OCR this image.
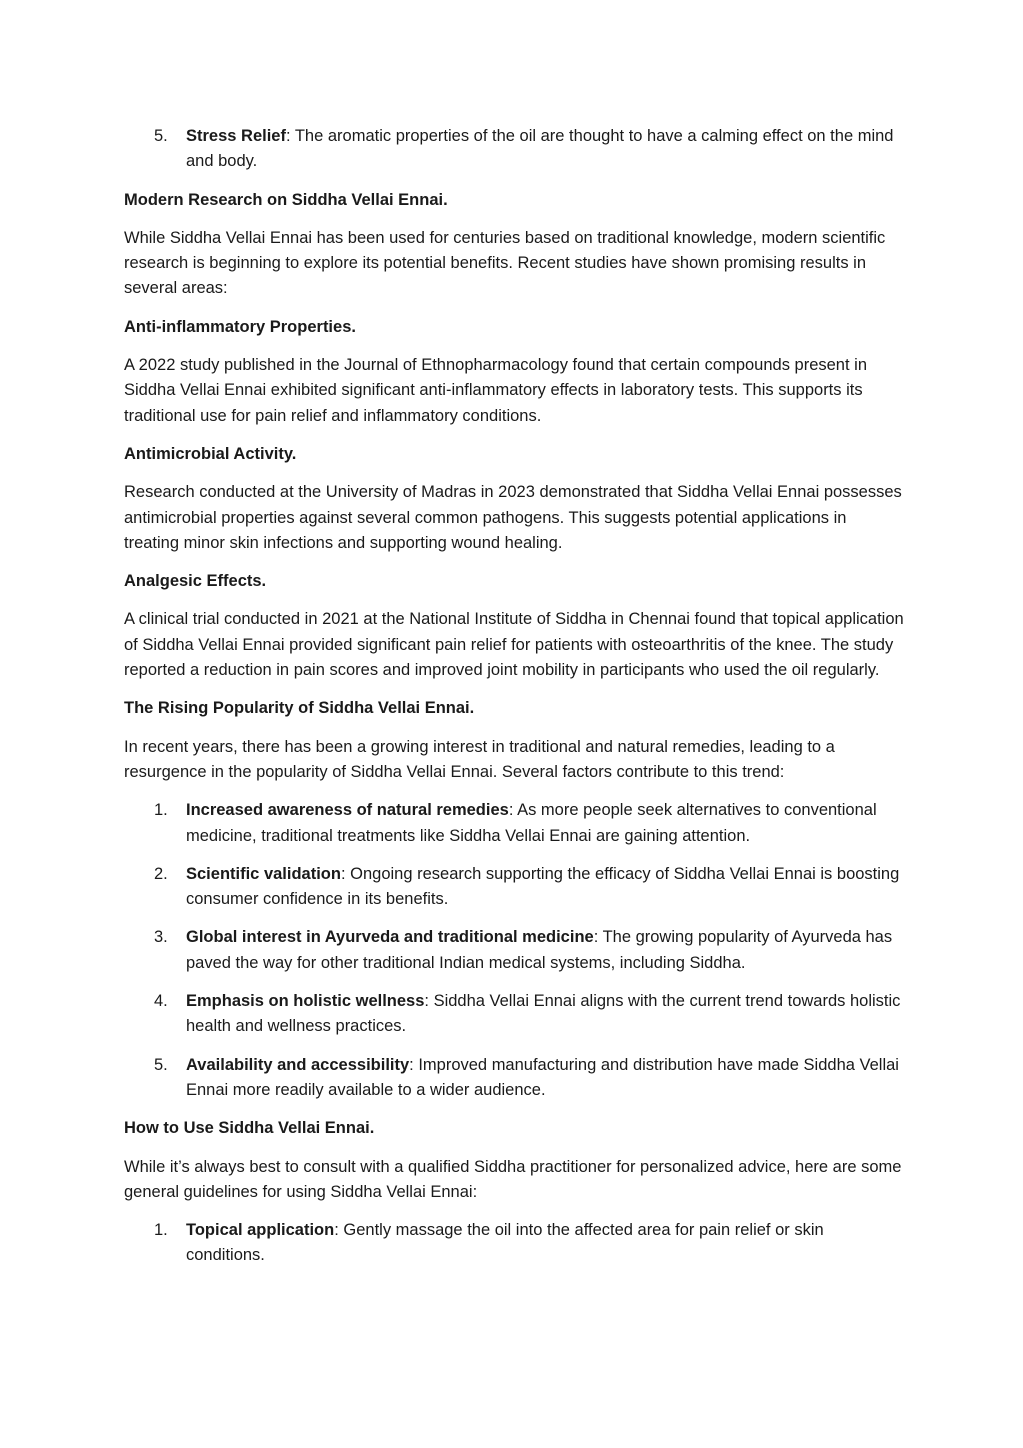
5.	Stress Relief: The aromatic properties of the oil are thought to have a calming effect on the mind and body.
Modern Research on Siddha Vellai Ennai.
While Siddha Vellai Ennai has been used for centuries based on traditional knowledge, modern scientific research is beginning to explore its potential benefits. Recent studies have shown promising results in several areas:
Anti-inflammatory Properties.
A 2022 study published in the Journal of Ethnopharmacology found that certain compounds present in Siddha Vellai Ennai exhibited significant anti-inflammatory effects in laboratory tests. This supports its traditional use for pain relief and inflammatory conditions.
Antimicrobial Activity.
Research conducted at the University of Madras in 2023 demonstrated that Siddha Vellai Ennai possesses antimicrobial properties against several common pathogens. This suggests potential applications in treating minor skin infections and supporting wound healing.
Analgesic Effects.
A clinical trial conducted in 2021 at the National Institute of Siddha in Chennai found that topical application of Siddha Vellai Ennai provided significant pain relief for patients with osteoarthritis of the knee. The study reported a reduction in pain scores and improved joint mobility in participants who used the oil regularly.
The Rising Popularity of Siddha Vellai Ennai.
In recent years, there has been a growing interest in traditional and natural remedies, leading to a resurgence in the popularity of Siddha Vellai Ennai. Several factors contribute to this trend:
1.	Increased awareness of natural remedies: As more people seek alternatives to conventional medicine, traditional treatments like Siddha Vellai Ennai are gaining attention.
2.	Scientific validation: Ongoing research supporting the efficacy of Siddha Vellai Ennai is boosting consumer confidence in its benefits.
3.	Global interest in Ayurveda and traditional medicine: The growing popularity of Ayurveda has paved the way for other traditional Indian medical systems, including Siddha.
4.	Emphasis on holistic wellness: Siddha Vellai Ennai aligns with the current trend towards holistic health and wellness practices.
5.	Availability and accessibility: Improved manufacturing and distribution have made Siddha Vellai Ennai more readily available to a wider audience.
How to Use Siddha Vellai Ennai.
While it’s always best to consult with a qualified Siddha practitioner for personalized advice, here are some general guidelines for using Siddha Vellai Ennai:
1.	Topical application: Gently massage the oil into the affected area for pain relief or skin conditions.
